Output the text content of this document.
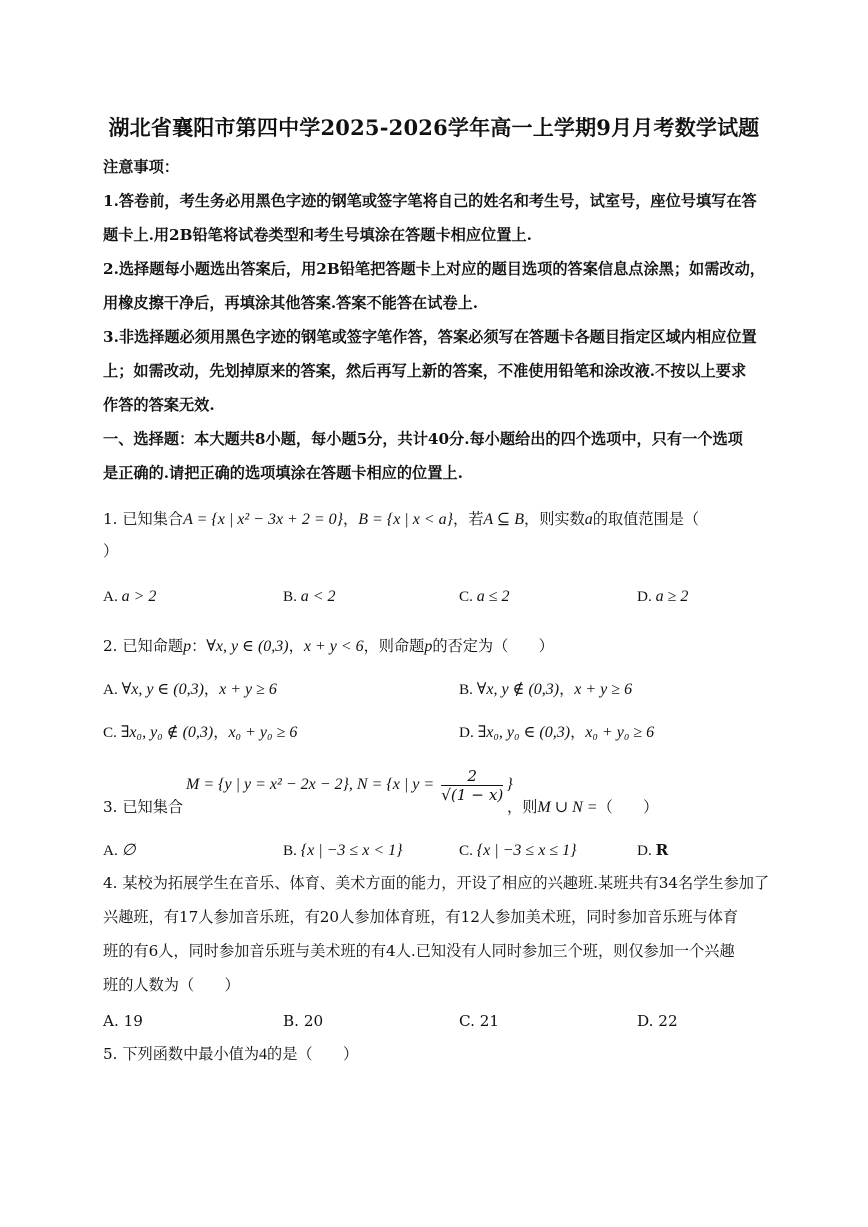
湖北省襄阳市第四中学2025-2026学年高一上学期9月月考数学试题
注意事项：
1.答卷前，考生务必用黑色字迹的钢笔或签字笔将自己的姓名和考生号，试室号，座位号填写在答
题卡上.用2B铅笔将试卷类型和考生号填涂在答题卡相应位置上.
2.选择题每小题选出答案后，用2B铅笔把答题卡上对应的题目选项的答案信息点涂黑；如需改动，
用橡皮擦干净后，再填涂其他答案.答案不能答在试卷上.
3.非选择题必须用黑色字迹的钢笔或签字笔作答，答案必须写在答题卡各题目指定区域内相应位置
上；如需改动，先划掉原来的答案，然后再写上新的答案，不准使用铅笔和涂改液.不按以上要求
作答的答案无效.
一、选择题：本大题共8小题，每小题5分，共计40分.每小题给出的四个选项中，只有一个选项
是正确的.请把正确的选项填涂在答题卡相应的位置上.
1. 已知集合A = {x | x² − 3x + 2 = 0}，B = {x | x < a}，若A ⊆ B，则实数a的取值范围是（
）
A. a > 2	B. a < 2	C. a ≤ 2	D. a ≥ 2
2. 已知命题p：∀x, y ∈ (0,3)，x + y < 6，则命题p的否定为（　　）
A. ∀x, y ∈ (0,3)，x + y ≥ 6	B. ∀x, y ∉ (0,3)，x + y ≥ 6
C. ∃x₀, y₀ ∉ (0,3)，x₀ + y₀ ≥ 6	D. ∃x₀, y₀ ∈ (0,3)，x₀ + y₀ ≥ 6
M = {y | y = x² − 2x − 2}, N = {x | $y = \frac{2}{√(1 - x)}$ }
3. 已知集合	，则M ∪ N =（　　）
A. ∅	B. {x | −3 ≤ x < 1}	C. {x | −3 ≤ x ≤ 1}	D. R
4. 某校为拓展学生在音乐、体育、美术方面的能力，开设了相应的兴趣班.某班共有34名学生参加了
兴趣班，有17人参加音乐班，有20人参加体育班，有12人参加美术班，同时参加音乐班与体育
班的有6人，同时参加音乐班与美术班的有4人.已知没有人同时参加三个班，则仅参加一个兴趣
班的人数为（　　）
A. 19	B. 20	C. 21	D. 22
5. 下列函数中最小值为4的是（　　）
